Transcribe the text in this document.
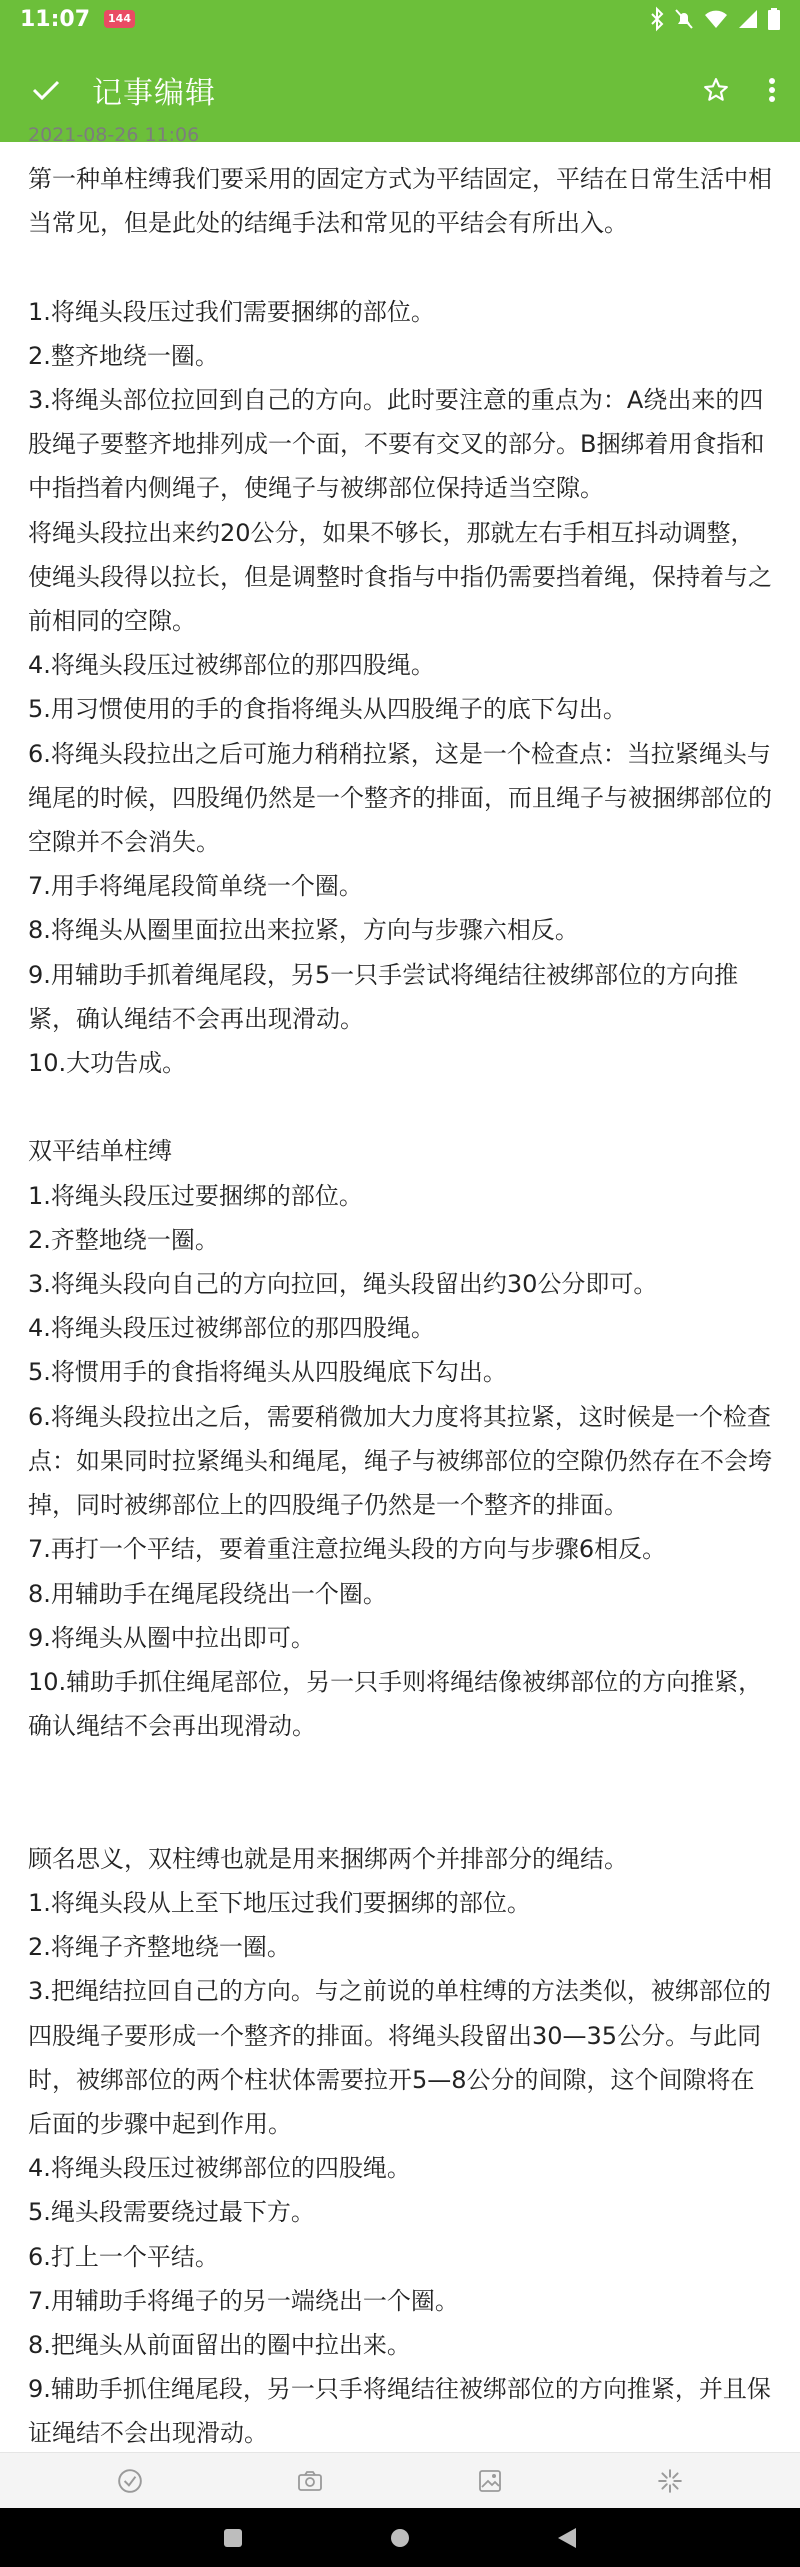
11:07	144
记事编辑
2021-08-26 11:06
第一种单柱缚我们要采用的固定方式为平结固定，平结在日常生活中相当常见，但是此处的结绳手法和常见的平结会有所出入。

1.将绳头段压过我们需要捆绑的部位。
2.整齐地绕一圈。
3.将绳头部位拉回到自己的方向。此时要注意的重点为：A绕出来的四股绳子要整齐地排列成一个面，不要有交叉的部分。B捆绑着用食指和中指挡着内侧绳子，使绳子与被绑部位保持适当空隙。
将绳头段拉出来约20公分，如果不够长，那就左右手相互抖动调整，使绳头段得以拉长，但是调整时食指与中指仍需要挡着绳，保持着与之前相同的空隙。
4.将绳头段压过被绑部位的那四股绳。
5.用习惯使用的手的食指将绳头从四股绳子的底下勾出。
6.将绳头段拉出之后可施力稍稍拉紧，这是一个检查点：当拉紧绳头与绳尾的时候，四股绳仍然是一个整齐的排面，而且绳子与被捆绑部位的空隙并不会消失。
7.用手将绳尾段简单绕一个圈。
8.将绳头从圈里面拉出来拉紧，方向与步骤六相反。
9.用辅助手抓着绳尾段，另5一只手尝试将绳结往被绑部位的方向推紧，确认绳结不会再出现滑动。
10.大功告成。

双平结单柱缚
1.将绳头段压过要捆绑的部位。
2.齐整地绕一圈。
3.将绳头段向自己的方向拉回，绳头段留出约30公分即可。
4.将绳头段压过被绑部位的那四股绳。
5.将惯用手的食指将绳头从四股绳底下勾出。
6.将绳头段拉出之后，需要稍微加大力度将其拉紧，这时候是一个检查点：如果同时拉紧绳头和绳尾，绳子与被绑部位的空隙仍然存在不会垮掉，同时被绑部位上的四股绳子仍然是一个整齐的排面。
7.再打一个平结，要着重注意拉绳头段的方向与步骤6相反。
8.用辅助手在绳尾段绕出一个圈。
9.将绳头从圈中拉出即可。
10.辅助手抓住绳尾部位，另一只手则将绳结像被绑部位的方向推紧，确认绳结不会再出现滑动。

顾名思义，双柱缚也就是用来捆绑两个并排部分的绳结。
1.将绳头段从上至下地压过我们要捆绑的部位。
2.将绳子齐整地绕一圈。
3.把绳结拉回自己的方向。与之前说的单柱缚的方法类似，被绑部位的四股绳子要形成一个整齐的排面。将绳头段留出30—35公分。与此同时，被绑部位的两个柱状体需要拉开5—8公分的间隙，这个间隙将在后面的步骤中起到作用。
4.将绳头段压过被绑部位的四股绳。
5.绳头段需要绕过最下方。
6.打上一个平结。
7.用辅助手将绳子的另一端绕出一个圈。
8.把绳头从前面留出的圈中拉出来。
9.辅助手抓住绳尾段，另一只手将绳结往被绑部位的方向推紧，并且保证绳结不会出现滑动。
